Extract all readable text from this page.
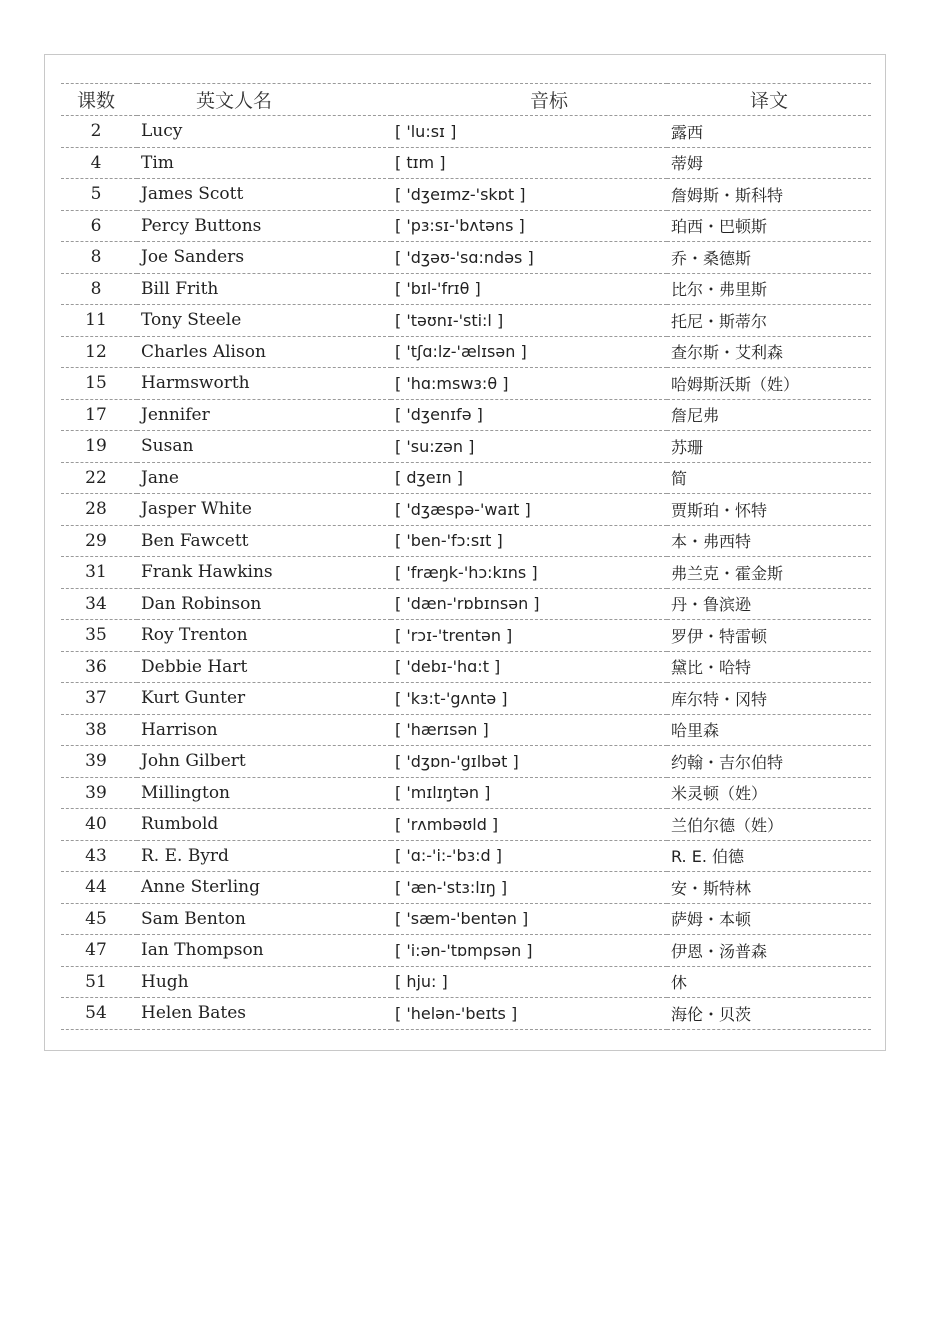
课数	英文人名	音标	译文
2	Lucy	[ 'lu:sɪ ]	露西
4	Tim	[ tɪm ]	蒂姆
5	James Scott	[ 'dʒeɪmz-'skɒt ]	詹姆斯・斯科特
6	Percy Buttons	[ 'pɜ:sɪ-'bʌtəns ]	珀西・巴顿斯
8	Joe Sanders	[ 'dʒəʊ-'sɑ:ndəs ]	乔・桑德斯
8	Bill Frith	[ 'bɪl-'frɪθ ]	比尔・弗里斯
11	Tony Steele	[ 'təʊnɪ-'sti:l ]	托尼・斯蒂尔
12	Charles Alison	[ 'tʃɑ:lz-'ælɪsən ]	查尔斯・艾利森
15	Harmsworth	[ 'hɑ:mswɜ:θ ]	哈姆斯沃斯（姓）
17	Jennifer	[ 'dʒenɪfə ]	詹尼弗
19	Susan	[ 'su:zən ]	苏珊
22	Jane	[ dʒeɪn ]	简
28	Jasper White	[ 'dʒæspə-'waɪt ]	贾斯珀・怀特
29	Ben Fawcett	[ 'ben-'fɔ:sɪt ]	本・弗西特
31	Frank Hawkins	[ 'fræŋk-'hɔ:kɪns ]	弗兰克・霍金斯
34	Dan Robinson	[ 'dæn-'rɒbɪnsən ]	丹・鲁滨逊
35	Roy Trenton	[ 'rɔɪ-'trentən ]	罗伊・特雷顿
36	Debbie Hart	[ 'debɪ-'hɑ:t ]	黛比・哈特
37	Kurt Gunter	[ 'kɜ:t-'gʌntə ]	库尔特・冈特
38	Harrison	[ 'hærɪsən ]	哈里森
39	John Gilbert	[ 'dʒɒn-'gɪlbət ]	约翰・吉尔伯特
39	Millington	[ 'mɪlɪŋtən ]	米灵顿（姓）
40	Rumbold	[ 'rʌmbəʊld ]	兰伯尔德（姓）
43	R. E. Byrd	[ 'ɑ:-'i:-'bɜ:d ]	R. E. 伯德
44	Anne Sterling	[ 'æn-'stɜ:lɪŋ ]	安・斯特林
45	Sam Benton	[ 'sæm-'bentən ]	萨姆・本顿
47	Ian Thompson	[ 'i:ən-'tɒmpsən ]	伊恩・汤普森
51	Hugh	[ hju: ]	休
54	Helen Bates	[ 'helən-'beɪts ]	海伦・贝茨
